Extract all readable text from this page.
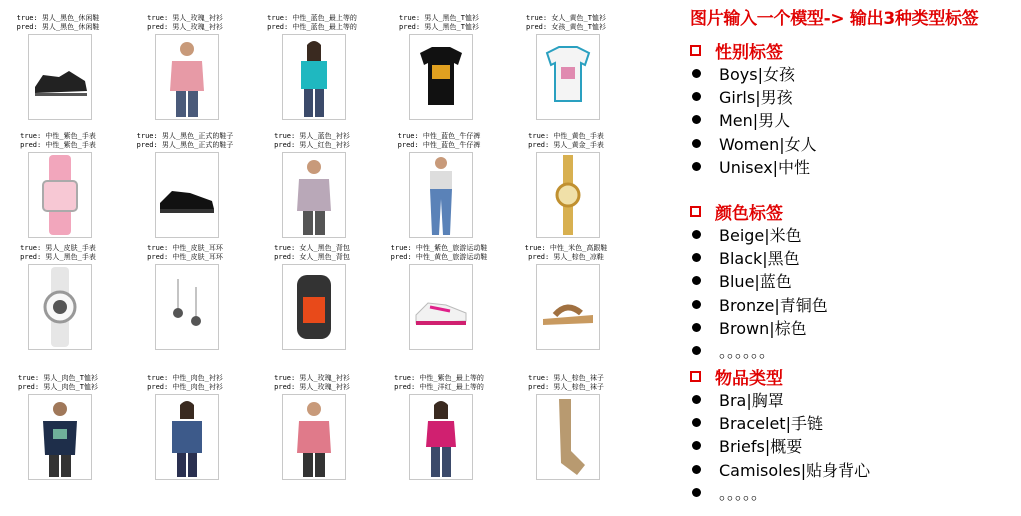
true: 男人_黑色_休闲鞋
pred: 男人_黑色_休闲鞋
true: 男人_玫瑰_衬衫
pred: 男人_玫瑰_衬衫
true: 中性_蓝色_最上等的
pred: 中性_蓝色_最上等的
true: 男人_黑色_T恤衫
pred: 男人_黑色_T恤衫
true: 女人_黄色_T恤衫
pred: 女孩_黄色_T恤衫
true: 中性_紫色_手表
pred: 中性_紫色_手表
true: 男人_黑色_正式的鞋子
pred: 男人_黑色_正式的鞋子
true: 男人_蓝色_衬衫
pred: 男人_红色_衬衫
true: 中性_蓝色_牛仔裤
pred: 中性_蓝色_牛仔裤
true: 中性_黄色_手表
pred: 男人_黄金_手表
true: 男人_皮肤_手表
pred: 男人_黑色_手表
true: 中性_皮肤_耳环
pred: 中性_皮肤_耳环
true: 女人_黑色_背包
pred: 女人_黑色_背包
true: 中性_紫色_旅游运动鞋
pred: 中性_黄色_旅游运动鞋
true: 中性_米色_高跟鞋
pred: 男人_棕色_凉鞋
true: 男人_肉色_T恤衫
pred: 男人_肉色_T恤衫
true: 中性_肉色_衬衫
pred: 中性_肉色_衬衫
true: 男人_玫瑰_衬衫
pred: 男人_玫瑰_衬衫
true: 中性_紫色_最上等的
pred: 中性_洋红_最上等的
true: 男人_棕色_袜子
pred: 男人_棕色_袜子
图片输入一个模型-> 输出3种类型标签
性别标签
Boys|女孩
Girls|男孩
Men|男人
Women|女人
Unisex|中性
颜色标签
Beige|米色
Black|黑色
Blue|蓝色
Bronze|青铜色
Brown|棕色
。。。。。。
物品类型
Bra|胸罩
Bracelet|手链
Briefs|概要
Camisoles|贴身背心
。。。。。
